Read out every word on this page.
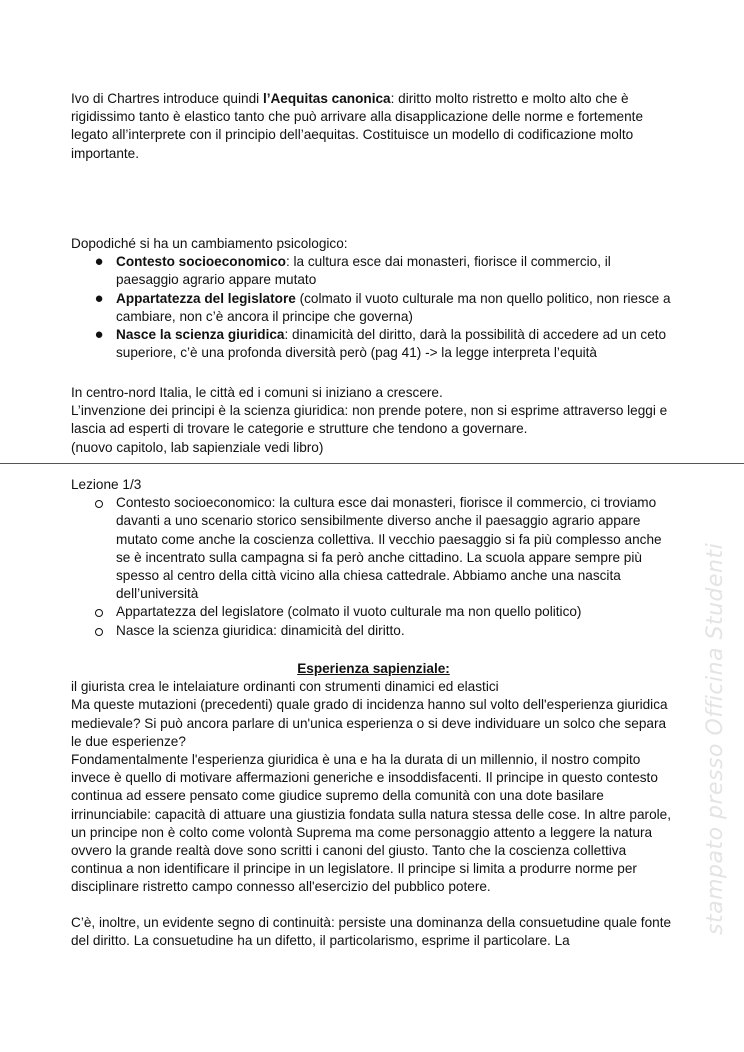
Ivo di Chartres introduce quindi l’Aequitas canonica: diritto molto ristretto e molto alto che è rigidissimo tanto è elastico tanto che può arrivare alla disapplicazione delle norme e fortemente legato all’interprete con il principio dell’aequitas. Costituisce un modello di codificazione molto importante.

Dopodiché si ha un cambiamento psicologico:

● Contesto socioeconomico: la cultura esce dai monasteri, fiorisce il commercio, il paesaggio agrario appare mutato
● Appartatezza del legislatore (colmato il vuoto culturale ma non quello politico, non riesce a cambiare, non c’è ancora il principe che governa)
● Nasce la scienza giuridica: dinamicità del diritto, darà la possibilità di accedere ad un ceto superiore, c’è una profonda diversità però (pag 41) -> la legge interpreta l’equità

In centro-nord Italia, le città ed i comuni si iniziano a crescere.

L’invenzione dei principi è la scienza giuridica: non prende potere, non si esprime attraverso leggi e lascia ad esperti di trovare le categorie e strutture che tendono a governare.

(nuovo capitolo, lab sapienziale vedi libro)

Lezione 1/3

Contesto socioeconomico: la cultura esce dai monasteri, fiorisce il commercio, ci troviamo davanti a uno scenario storico sensibilmente diverso anche il paesaggio agrario appare mutato come anche la coscienza collettiva. Il vecchio paesaggio si fa più complesso anche se è incentrato sulla campagna si fa però anche cittadino. La scuola appare sempre più spesso al centro della città vicino alla chiesa cattedrale. Abbiamo anche una nascita dell’università
Appartatezza del legislatore (colmato il vuoto culturale ma non quello politico)
Nasce la scienza giuridica: dinamicità del diritto.

Esperienza sapienziale:

il giurista crea le intelaiature ordinanti con strumenti dinamici ed elastici

Ma queste mutazioni (precedenti) quale grado di incidenza hanno sul volto dell'esperienza giuridica medievale? Si può ancora parlare di un'unica esperienza o si deve individuare un solco che separa le due esperienze?

Fondamentalmente l'esperienza giuridica è una e ha la durata di un millennio, il nostro compito invece è quello di motivare affermazioni generiche e insoddisfacenti. Il principe in questo contesto continua ad essere pensato come giudice supremo della comunità con una dote basilare irrinunciabile: capacità di attuare una giustizia fondata sulla natura stessa delle cose. In altre parole, un principe non è colto come volontà Suprema ma come personaggio attento a leggere la natura ovvero la grande realtà dove sono scritti i canoni del giusto. Tanto che la coscienza collettiva continua a non identificare il principe in un legislatore. Il principe si limita a produrre norme per disciplinare ristretto campo connesso all'esercizio del pubblico potere.

C’è, inoltre, un evidente segno di continuità: persiste una dominanza della consuetudine quale fonte del diritto. La consuetudine ha un difetto, il particolarismo, esprime il particolare. La

stampato presso Officina Studenti
